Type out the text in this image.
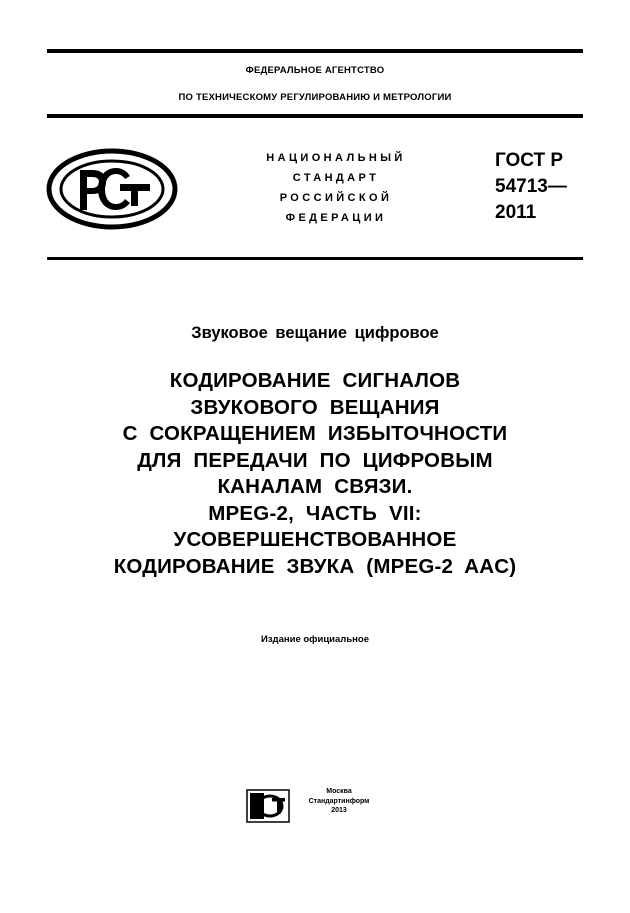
ФЕДЕРАЛЬНОЕ АГЕНТСТВО
ПО ТЕХНИЧЕСКОМУ РЕГУЛИРОВАНИЮ И МЕТРОЛОГИИ
НАЦИОНАЛЬНЫЙ
СТАНДАРТ
РОССИЙСКОЙ
ФЕДЕРАЦИИ
ГОСТ Р
54713—
2011
Звуковое вещание цифровое
КОДИРОВАНИЕ СИГНАЛОВ
ЗВУКОВОГО ВЕЩАНИЯ
С СОКРАЩЕНИЕМ ИЗБЫТОЧНОСТИ
ДЛЯ ПЕРЕДАЧИ ПО ЦИФРОВЫМ
КАНАЛАМ СВЯЗИ.
MPEG-2, ЧАСТЬ VII:
УСОВЕРШЕНСТВОВАННОЕ
КОДИРОВАНИЕ ЗВУКА (MPEG-2 AAC)
Издание официальное
Москва
Стандартинформ
2013
